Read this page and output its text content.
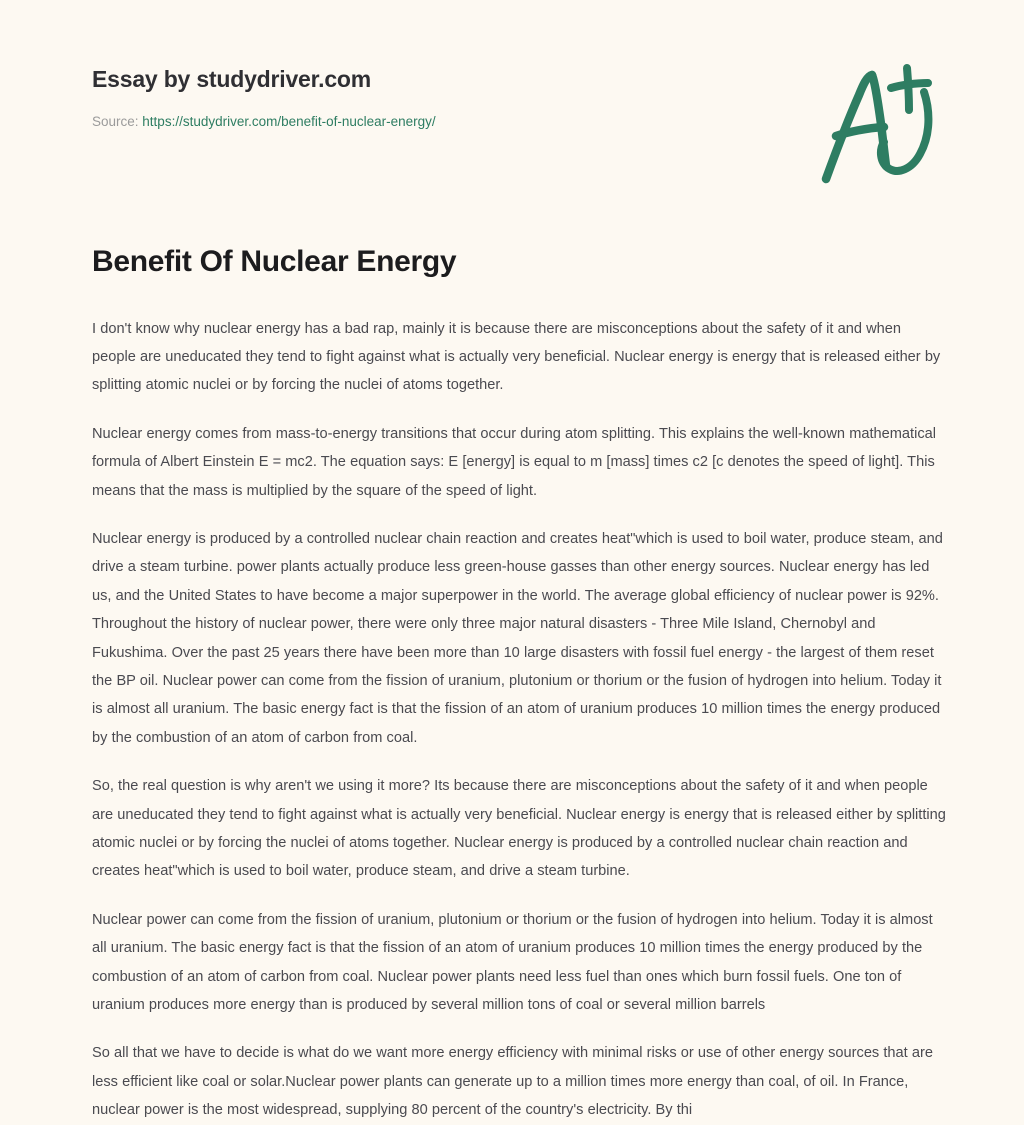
Essay by studydriver.com
Source: https://studydriver.com/benefit-of-nuclear-energy/
Benefit Of Nuclear Energy

I don't know why nuclear energy has a bad rap, mainly it is because there are misconceptions about the safety of it and when people are uneducated they tend to fight against what is actually very beneficial. Nuclear energy is energy that is released either by splitting atomic nuclei or by forcing the nuclei of atoms together.

Nuclear energy comes from mass-to-energy transitions that occur during atom splitting. This explains the well-known mathematical formula of Albert Einstein E = mc2. The equation says: E [energy] is equal to m [mass] times c2 [c denotes the speed of light]. This means that the mass is multiplied by the square of the speed of light.

Nuclear energy is produced by a controlled nuclear chain reaction and creates heat"which is used to boil water, produce steam, and drive a steam turbine. power plants actually produce less green-house gasses than other energy sources. Nuclear energy has led us, and the United States to have become a major superpower in the world. The average global efficiency of nuclear power is 92%. Throughout the history of nuclear power, there were only three major natural disasters - Three Mile Island, Chernobyl and Fukushima. Over the past 25 years there have been more than 10 large disasters with fossil fuel energy - the largest of them reset the BP oil. Nuclear power can come from the fission of uranium, plutonium or thorium or the fusion of hydrogen into helium. Today it is almost all uranium. The basic energy fact is that the fission of an atom of uranium produces 10 million times the energy produced by the combustion of an atom of carbon from coal.

So, the real question is why aren't we using it more? Its because there are misconceptions about the safety of it and when people are uneducated they tend to fight against what is actually very beneficial. Nuclear energy is energy that is released either by splitting atomic nuclei or by forcing the nuclei of atoms together. Nuclear energy is produced by a controlled nuclear chain reaction and creates heat"which is used to boil water, produce steam, and drive a steam turbine.

Nuclear power can come from the fission of uranium, plutonium or thorium or the fusion of hydrogen into helium. Today it is almost all uranium. The basic energy fact is that the fission of an atom of uranium produces 10 million times the energy produced by the combustion of an atom of carbon from coal. Nuclear power plants need less fuel than ones which burn fossil fuels. One ton of uranium produces more energy than is produced by several million tons of coal or several million barrels

So all that we have to decide is what do we want more energy efficiency with minimal risks or use of other energy sources that are less efficient like coal or solar.Nuclear power plants can generate up to a million times more energy than coal, of oil. In France, nuclear power is the most widespread, supplying 80 percent of the country's electricity. By thi
